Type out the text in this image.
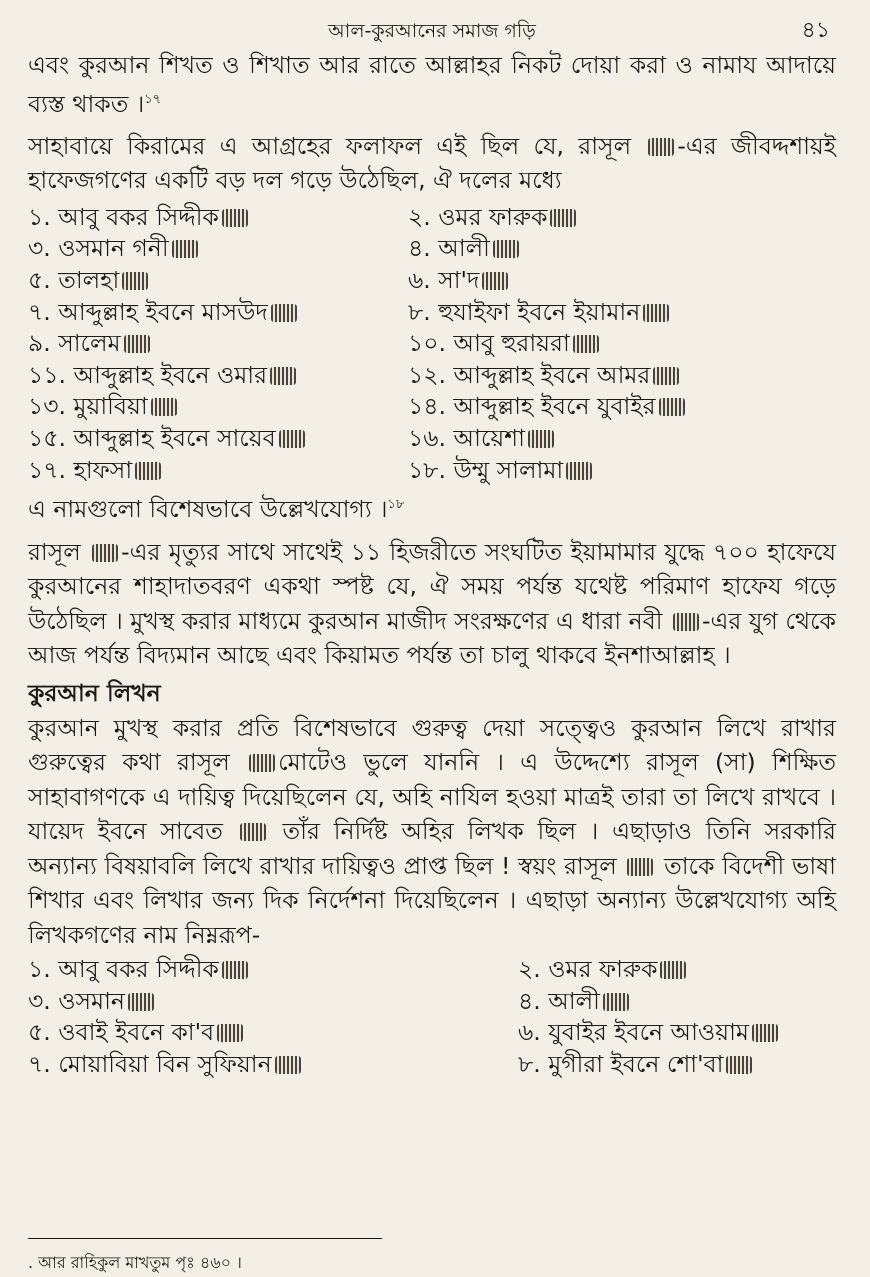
আল-কুরআনের সমাজ গড়ি	৪১

এবং কুরআন শিখত ও শিখাত আর রাতে আল্লাহর নিকট দোয়া করা ও নামায আদায়ে ব্যস্ত থাকত ।$^{১৭}$

সাহাবায়ে কিরামের এ আগ্রহের ফলাফল এই ছিল যে, রাসূল -এর জীবদ্দশায়ই হাফেজগণের একটি বড় দল গড়ে উঠেছিল, ঐ দলের মধ্যে

১. আবু বকর সিদ্দীক	২. ওমর ফারুক
৩. ওসমান গনী	৪. আলী
৫. তালহা	৬. সা'দ
৭. আব্দুল্লাহ ইবনে মাসউদ	৮. হুযাইফা ইবনে ইয়ামান
৯. সালেম	১০. আবু হুরায়রা
১১. আব্দুল্লাহ ইবনে ওমার	১২. আব্দুল্লাহ ইবনে আমর
১৩. মুয়াবিয়া	১৪. আব্দুল্লাহ ইবনে যুবাইর
১৫. আব্দুল্লাহ ইবনে সায়েব	১৬. আয়েশা
১৭. হাফসা	১৮. উম্মু সালামা

এ নামগুলো বিশেষভাবে উল্লেখযোগ্য ।$^{১৮}$

রাসূল -এর মৃত্যুর সাথে সাথেই ১১ হিজরীতে সংঘটিত ইয়ামামার যুদ্ধে ৭০০ হাফেযে কুরআনের শাহাদাতবরণ একথা স্পষ্ট যে, ঐ সময় পর্যন্ত যথেষ্ট পরিমাণ হাফেয গড়ে উঠেছিল । মুখস্থ করার মাধ্যমে কুরআন মাজীদ সংরক্ষণের এ ধারা নবী -এর যুগ থেকে আজ পর্যন্ত বিদ্যমান আছে এবং কিয়ামত পর্যন্ত তা চালু থাকবে ইনশাআল্লাহ ।

কুরআন লিখন

কুরআন মুখস্থ করার প্রতি বিশেষভাবে গুরুত্ব দেয়া সত্ত্বেও কুরআন লিখে রাখার গুরুত্বের কথা রাসূল মোটেও ভুলে যাননি । এ উদ্দেশ্যে রাসূল (সা) শিক্ষিত সাহাবাগণকে এ দায়িত্ব দিয়েছিলেন যে, অহি নাযিল হওয়া মাত্রই তারা তা লিখে রাখবে । যায়েদ ইবনে সাবেত	তাঁর নির্দিষ্ট অহির লিখক ছিল । এছাড়াও তিনি সরকারি অন্যান্য বিষয়াবলি লিখে রাখার দায়িত্বও প্রাপ্ত ছিল ! স্বয়ং রাসূল তাকে বিদেশী ভাষা শিখার এবং লিখার জন্য দিক নির্দেশনা দিয়েছিলেন । এছাড়া অন্যান্য উল্লেখযোগ্য অহি লিখকগণের নাম নিম্নরূপ-

১. আবু বকর সিদ্দীক	২. ওমর ফারুক
৩. ওসমান	৪. আলী
৫. ওবাই ইবনে কা'ব	৬. যুবাইর ইবনে আওয়াম
৭. মোয়াবিয়া বিন সুফিয়ান	৮. মুগীরা ইবনে শো'বা
. আর রাহিকুল মাখতুম পৃঃ ৪৬০ ।
